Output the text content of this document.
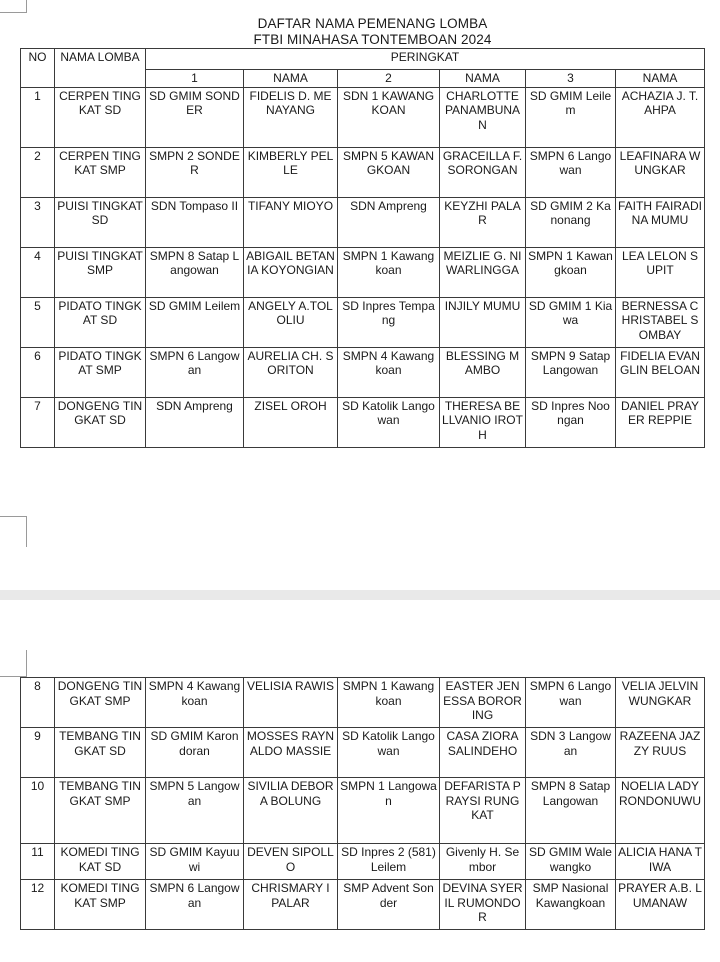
DAFTAR NAMA PEMENANG LOMBA
FTBI MINAHASA TONTEMBOAN 2024
NO	NAMA LOMBA	PERINGKAT					
		1	NAMA	2	NAMA	3	NAMA
1	CERPEN TINGKAT SD	SD GMIM SONDER	FIDELIS D. MENAYANG	SDN 1 KAWANGKOAN	CHARLOTTE PANAMBUNAN	SD GMIM Leilem	ACHAZIA J. T. AHPA
2	CERPEN TINGKAT SMP	SMPN 2 SONDER	KIMBERLY PELLE	SMPN 5 KAWANGKOAN	GRACEILLA F. SORONGAN	SMPN 6 Langowan	LEAFINARA WUNGKAR
3	PUISI TINGKAT SD	SDN Tompaso II	TIFANY MIOYO	SDN Ampreng	KEYZHI PALAR	SD GMIM 2 Kanonang	FAITH FAIRADINA MUMU
4	PUISI TINGKAT SMP	SMPN 8 Satap Langowan	ABIGAIL BETANIA KOYONGIAN	SMPN 1 Kawangkoan	MEIZLIE G. NIWARLINGGA	SMPN 1 Kawangkoan	LEA LELON SUPIT
5	PIDATO TINGKAT SD	SD GMIM Leilem	ANGELY A.TOLOLIU	SD Inpres Tempang	INJILY MUMU	SD GMIM 1 Kiawa	BERNESSA CHRISTABEL SOMBAY
6	PIDATO TINGKAT SMP	SMPN 6 Langowan	AURELIA CH. SORITON	SMPN 4 Kawangkoan	BLESSING MAMBO	SMPN 9 Satap Langowan	FIDELIA EVANGLIN BELOAN
7	DONGENG TINGKAT SD	SDN Ampreng	ZISEL OROH	SD Katolik Langowan	THERESA BELLVANIO IROTH	SD Inpres Noongan	DANIEL PRAYER REPPIE
8	DONGENG TINGKAT SMP	SMPN 4 Kawangkoan	VELISIA RAWIS	SMPN 1 Kawangkoan	EASTER JENESSA BORORING	SMPN 6 Langowan	VELIA JELVIN WUNGKAR
9	TEMBANG TINGKAT SD	SD GMIM Karondoran	MOSSES RAYNALDO MASSIE	SD Katolik Langowan	CASA ZIORA SALINDEHO	SDN 3 Langowan	RAZEENA JAZZY RUUS
10	TEMBANG TINGKAT SMP	SMPN 5 Langowan	SIVILIA DEBORA BOLUNG	SMPN 1 Langowan	DEFARISTA PRAYSI RUNGKAT	SMPN 8 Satap Langowan	NOELIA LADY RONDONUWU
11	KOMEDI TINGKAT SD	SD GMIM Kayuuwi	DEVEN SIPOLLO	SD Inpres 2 (581) Leilem	Givenly H. Sembor	SD GMIM Walewangko	ALICIA HANA TIWA
12	KOMEDI TINGKAT SMP	SMPN 6 Langowan	CHRISMARY I PALAR	SMP Advent Sonder	DEVINA SYERIL RUMONDOR	SMP Nasional Kawangkoan	PRAYER A.B. LUMANAW
